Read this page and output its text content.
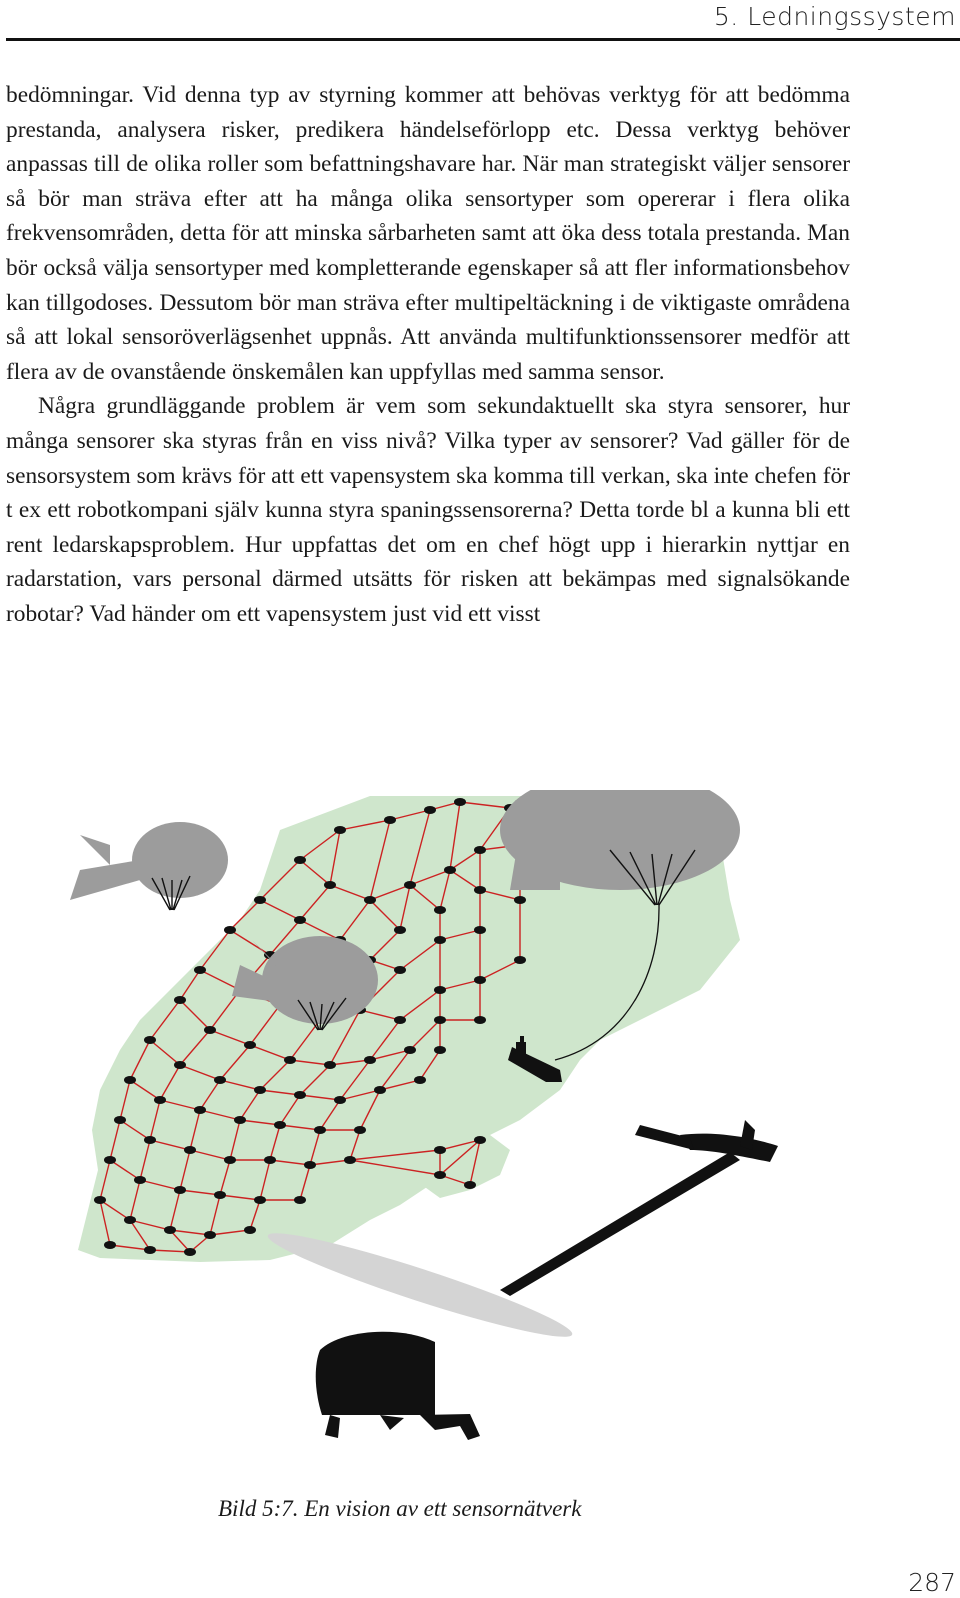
5. Ledningssystem

bedömningar. Vid denna typ av styrning kommer att behövas verktyg för att bedömma prestanda, analysera risker, predikera händelseförlopp etc. Dessa verktyg behöver anpassas till de olika roller som befattningshavare har. När man strategiskt väljer sensorer så bör man sträva efter att ha många olika sensortyper som opererar i flera olika frekvensområden, detta för att minska sårbarheten samt att öka dess totala prestanda. Man bör också välja sensortyper med kompletterande egenskaper så att fler informationsbehov kan tillgodoses. Dessutom bör man sträva efter multipeltäckning i de viktigaste områdena så att lokal sensoröverlägsenhet uppnås. Att använda multifunktionssensorer medför att flera av de ovanstående önskemålen kan uppfyllas med samma sensor.

Några grundläggande problem är vem som sekundaktuellt ska styra sensorer, hur många sensorer ska styras från en viss nivå? Vilka typer av sensorer? Vad gäller för de sensorsystem som krävs för att ett vapensystem ska komma till verkan, ska inte chefen för t ex ett robotkompani själv kunna styra spaningssensorerna? Detta torde bl a kunna bli ett rent ledarskapsproblem. Hur uppfattas det om en chef högt upp i hierarkin nyttjar en radarstation, vars personal därmed utsätts för risken att bekämpas med signalsökande robotar? Vad händer om ett vapensystem just vid ett visst

Bild 5:7. En vision av ett sensornätverk
287
